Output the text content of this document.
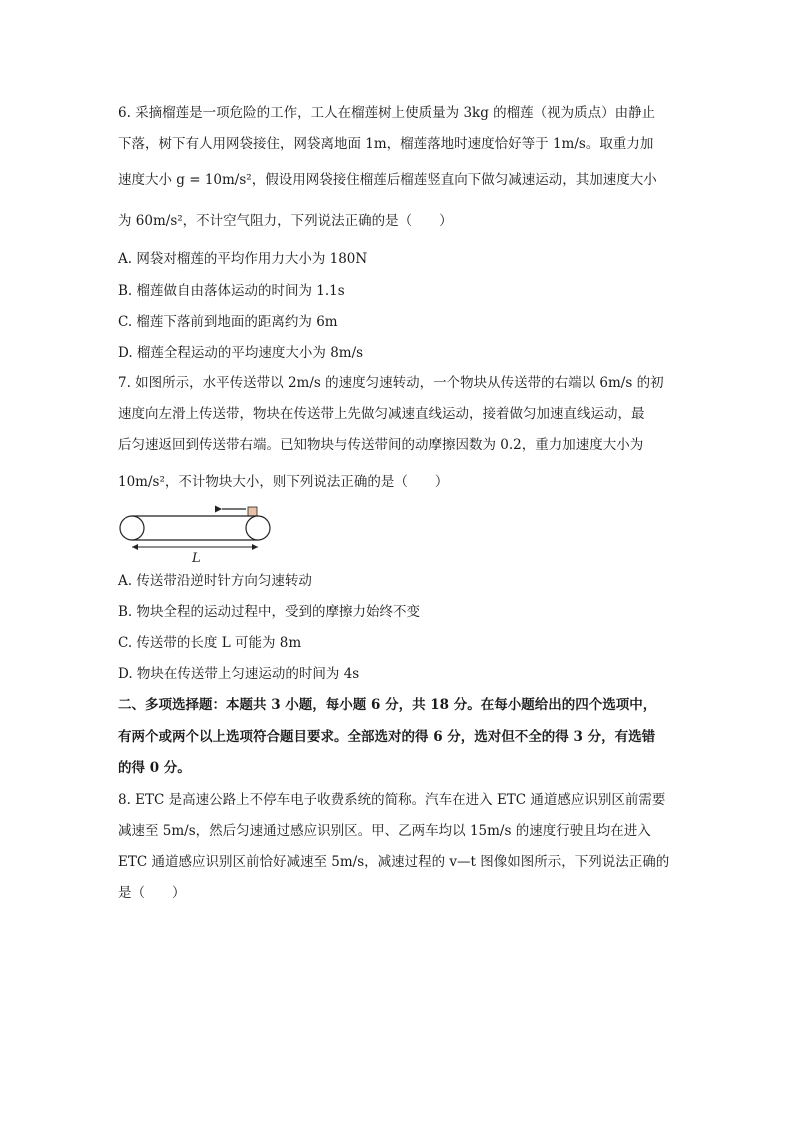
6. 采摘榴莲是一项危险的工作，工人在榴莲树上使质量为 3kg 的榴莲（视为质点）由静止
下落，树下有人用网袋接住，网袋离地面 1m，榴莲落地时速度恰好等于 1m/s。取重力加
速度大小 g = 10m/s²，假设用网袋接住榴莲后榴莲竖直向下做匀减速运动，其加速度大小
为 60m/s²，不计空气阻力，下列说法正确的是（　　）
A. 网袋对榴莲的平均作用力大小为 180N
B. 榴莲做自由落体运动的时间为 1.1s
C. 榴莲下落前到地面的距离约为 6m
D. 榴莲全程运动的平均速度大小为 8m/s
7. 如图所示，水平传送带以 2m/s 的速度匀速转动，一个物块从传送带的右端以 6m/s 的初
速度向左滑上传送带，物块在传送带上先做匀减速直线运动，接着做匀加速直线运动，最
后匀速返回到传送带右端。已知物块与传送带间的动摩擦因数为 0.2，重力加速度大小为
10m/s²，不计物块大小，则下列说法正确的是（　　）
L
A. 传送带沿逆时针方向匀速转动
B. 物块全程的运动过程中，受到的摩擦力始终不变
C. 传送带的长度 L 可能为 8m
D. 物块在传送带上匀速运动的时间为 4s
二、多项选择题：本题共 3 小题，每小题 6 分，共 18 分。在每小题给出的四个选项中，
有两个或两个以上选项符合题目要求。全部选对的得 6 分，选对但不全的得 3 分，有选错
的得 0 分。
8. ETC 是高速公路上不停车电子收费系统的简称。汽车在进入 ETC 通道感应识别区前需要
减速至 5m/s，然后匀速通过感应识别区。甲、乙两车均以 15m/s 的速度行驶且均在进入
ETC 通道感应识别区前恰好减速至 5m/s，减速过程的 v—t 图像如图所示，下列说法正确的
是（　　）
